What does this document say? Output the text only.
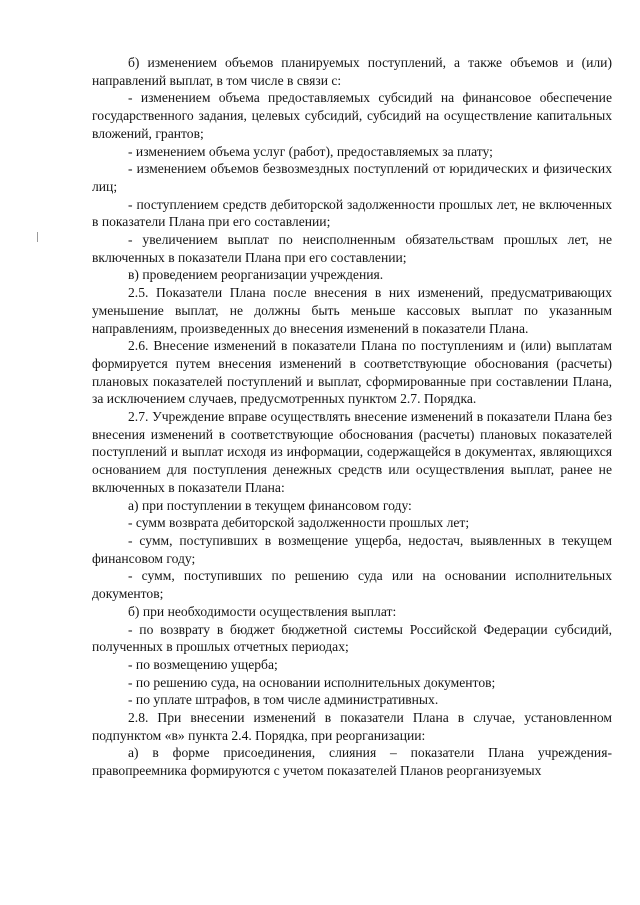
б) изменением объемов планируемых поступлений, а также объемов и (или) направлений выплат, в том числе в связи с:

- изменением объема предоставляемых субсидий на финансовое обеспечение государственного задания, целевых субсидий, субсидий на осуществление капитальных вложений, грантов;

- изменением объема услуг (работ), предоставляемых за плату;

- изменением объемов безвозмездных поступлений от юридических и физических лиц;

- поступлением средств дебиторской задолженности прошлых лет, не включенных в показатели Плана при его составлении;

- увеличением выплат по неисполненным обязательствам прошлых лет, не включенных в показатели Плана при его составлении;

в) проведением реорганизации учреждения.

2.5. Показатели Плана после внесения в них изменений, предусматривающих уменьшение выплат, не должны быть меньше кассовых выплат по указанным направлениям, произведенных до внесения изменений в показатели Плана.

2.6. Внесение изменений в показатели Плана по поступлениям и (или) выплатам формируется путем внесения изменений в соответствующие обоснования (расчеты) плановых показателей поступлений и выплат, сформированные при составлении Плана, за исключением случаев, предусмотренных пунктом 2.7. Порядка.

2.7. Учреждение вправе осуществлять внесение изменений в показатели Плана без внесения изменений в соответствующие обоснования (расчеты) плановых показателей поступлений и выплат исходя из информации, содержащейся в документах, являющихся основанием для поступления денежных средств или осуществления выплат, ранее не включенных в показатели Плана:

а) при поступлении в текущем финансовом году:

- сумм возврата дебиторской задолженности прошлых лет;

- сумм, поступивших в возмещение ущерба, недостач, выявленных в текущем финансовом году;

- сумм, поступивших по решению суда или на основании исполнительных документов;

б) при необходимости осуществления выплат:

- по возврату в бюджет бюджетной системы Российской Федерации субсидий, полученных в прошлых отчетных периодах;

- по возмещению ущерба;

- по решению суда, на основании исполнительных документов;

- по уплате штрафов, в том числе административных.

2.8. При внесении изменений в показатели Плана в случае, установленном подпунктом «в» пункта 2.4. Порядка, при реорганизации:

а) в форме присоединения, слияния – показатели Плана учреждения-правопреемника формируются с учетом показателей Планов реорганизуемых
